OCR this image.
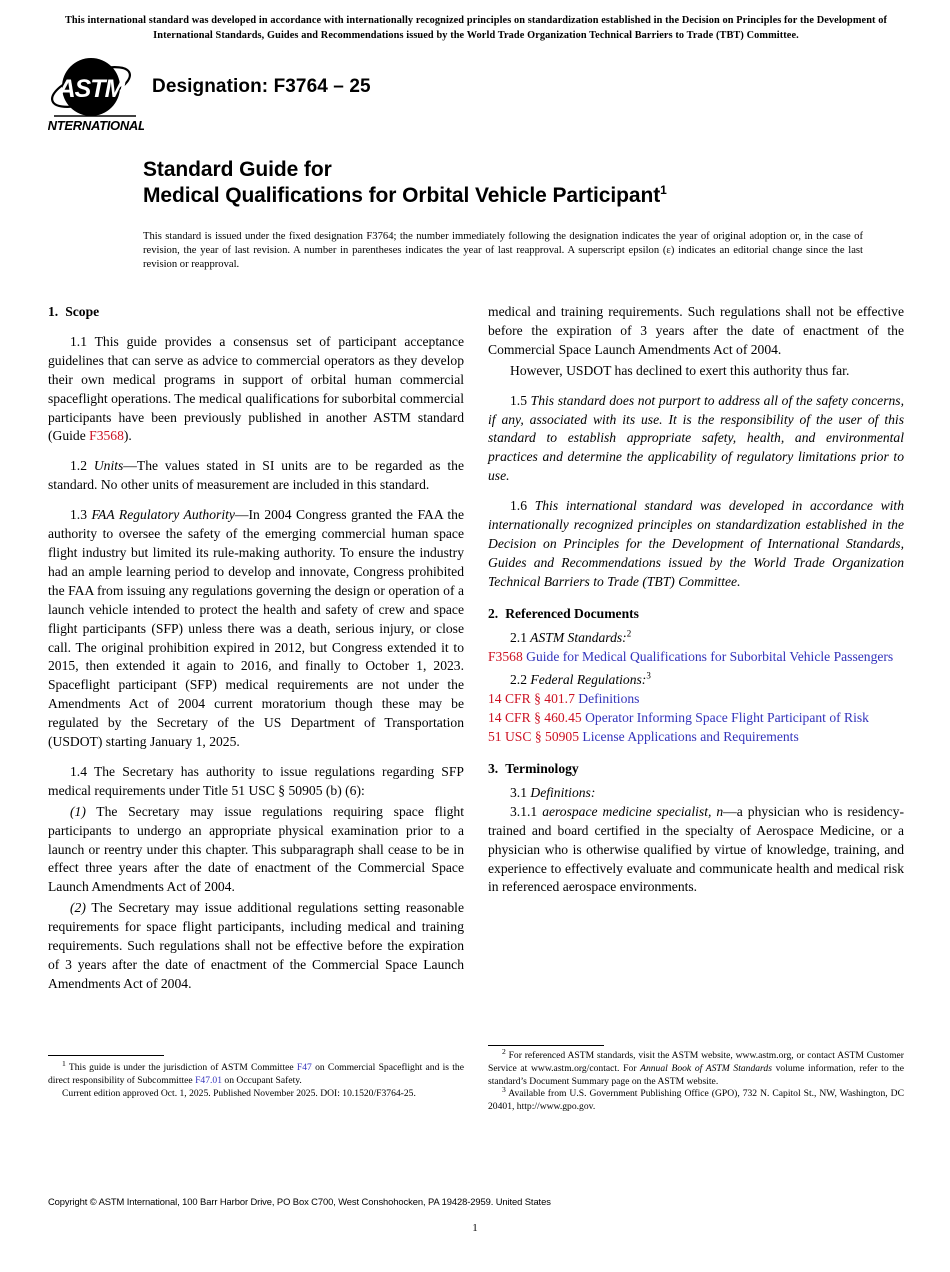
This international standard was developed in accordance with internationally recognized principles on standardization established in the Decision on Principles for the Development of International Standards, Guides and Recommendations issued by the World Trade Organization Technical Barriers to Trade (TBT) Committee.
ASTM
INTERNATIONAL
Designation: F3764 – 25
Standard Guide for
Medical Qualifications for Orbital Vehicle Participant$^1$
This standard is issued under the fixed designation F3764; the number immediately following the designation indicates the year of original adoption or, in the case of revision, the year of last revision. A number in parentheses indicates the year of last reapproval. A superscript epsilon (ε) indicates an editorial change since the last revision or reapproval.
1. Scope

1.1 This guide provides a consensus set of participant acceptance guidelines that can serve as advice to commercial operators as they develop their own medical programs in support of orbital human commercial spaceflight operations. The medical qualifications for suborbital commercial participants have been previously published in another ASTM standard (Guide F3568).

1.2 Units—The values stated in SI units are to be regarded as the standard. No other units of measurement are included in this standard.

1.3 FAA Regulatory Authority—In 2004 Congress granted the FAA the authority to oversee the safety of the emerging commercial human space flight industry but limited its rule-making authority. To ensure the industry had an ample learning period to develop and innovate, Congress prohibited the FAA from issuing any regulations governing the design or operation of a launch vehicle intended to protect the health and safety of crew and space flight participants (SFP) unless there was a death, serious injury, or close call. The original prohibition expired in 2012, but Congress extended it to 2015, then extended it again to 2016, and finally to October 1, 2023. Spaceflight participant (SFP) medical requirements are not under the Amendments Act of 2004 current moratorium though these may be regulated by the Secretary of the US Department of Transportation (USDOT) starting January 1, 2025.

1.4 The Secretary has authority to issue regulations regarding SFP medical requirements under Title 51 USC § 50905 (b) (6):

(1) The Secretary may issue regulations requiring space flight participants to undergo an appropriate physical examination prior to a launch or reentry under this chapter. This subparagraph shall cease to be in effect three years after the date of enactment of the Commercial Space Launch Amendments Act of 2004.

(2) The Secretary may issue additional regulations setting reasonable requirements for space flight participants, including medical and training requirements. Such regulations shall not be effective before the expiration of 3 years after the date of enactment of the Commercial Space Launch Amendments Act of 2004.

medical and training requirements. Such regulations shall not be effective before the expiration of 3 years after the date of enactment of the Commercial Space Launch Amendments Act of 2004.

However, USDOT has declined to exert this authority thus far.

1.5 This standard does not purport to address all of the safety concerns, if any, associated with its use. It is the responsibility of the user of this standard to establish appropriate safety, health, and environmental practices and determine the applicability of regulatory limitations prior to use.

1.6 This international standard was developed in accordance with internationally recognized principles on standardization established in the Decision on Principles for the Development of International Standards, Guides and Recommendations issued by the World Trade Organization Technical Barriers to Trade (TBT) Committee.

2. Referenced Documents

2.1 ASTM Standards:$^2$

F3568 Guide for Medical Qualifications for Suborbital Vehicle Passengers

2.2 Federal Regulations:$^3$

14 CFR § 401.7 Definitions

14 CFR § 460.45 Operator Informing Space Flight Participant of Risk

51 USC § 50905 License Applications and Requirements

3. Terminology

3.1 Definitions:

3.1.1 aerospace medicine specialist, n—a physician who is residency-trained and board certified in the specialty of Aerospace Medicine, or a physician who is otherwise qualified by virtue of knowledge, training, and experience to effectively evaluate and communicate health and medical risk in referenced aerospace environments.

$^1$ This guide is under the jurisdiction of ASTM Committee F47 on Commercial Spaceflight and is the direct responsibility of Subcommittee F47.01 on Occupant Safety.

Current edition approved Oct. 1, 2025. Published November 2025. DOI: 10.1520/F3764-25.

$^2$ For referenced ASTM standards, visit the ASTM website, www.astm.org, or contact ASTM Customer Service at www.astm.org/contact. For Annual Book of ASTM Standards volume information, refer to the standard’s Document Summary page on the ASTM website.

$^3$ Available from U.S. Government Publishing Office (GPO), 732 N. Capitol St., NW, Washington, DC 20401, http://www.gpo.gov.

Copyright © ASTM International, 100 Barr Harbor Drive, PO Box C700, West Conshohocken, PA 19428-2959. United States
1
